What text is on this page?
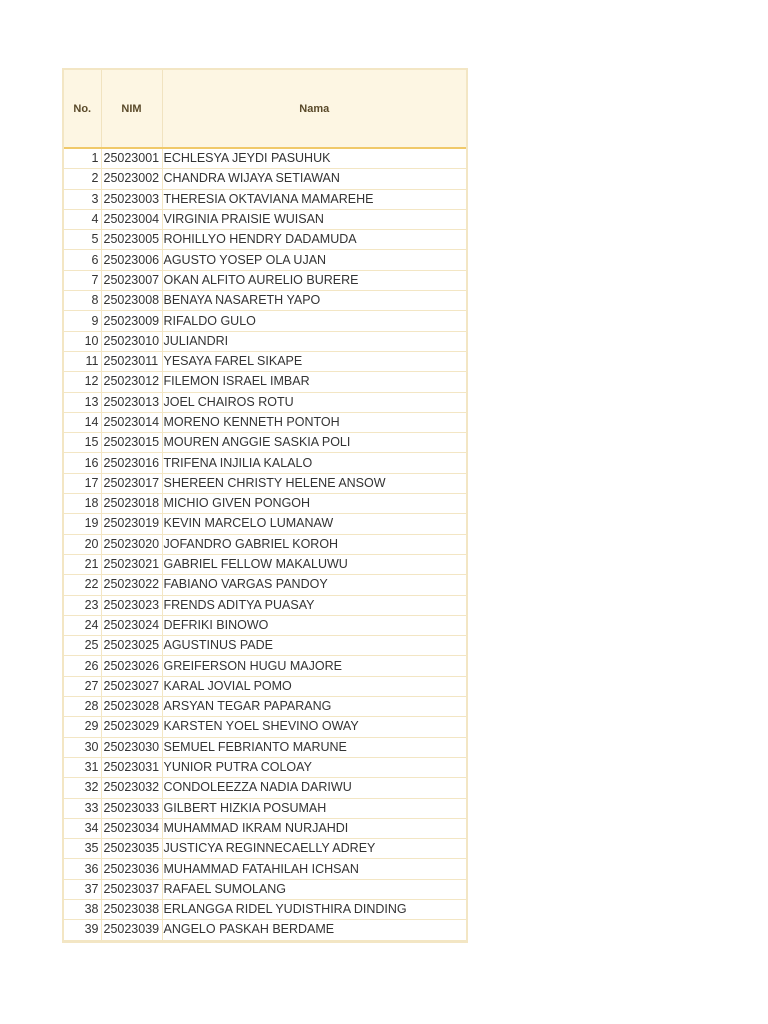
No.	NIM	Nama
1	25023001	ECHLESYA JEYDI PASUHUK
2	25023002	CHANDRA WIJAYA SETIAWAN
3	25023003	THERESIA OKTAVIANA MAMAREHE
4	25023004	VIRGINIA PRAISIE WUISAN
5	25023005	ROHILLYO HENDRY DADAMUDA
6	25023006	AGUSTO YOSEP OLA UJAN
7	25023007	OKAN ALFITO AURELIO BURERE
8	25023008	BENAYA NASARETH YAPO
9	25023009	RIFALDO GULO
10	25023010	JULIANDRI
11	25023011	YESAYA FAREL SIKAPE
12	25023012	FILEMON ISRAEL IMBAR
13	25023013	JOEL CHAIROS ROTU
14	25023014	MORENO KENNETH PONTOH
15	25023015	MOUREN ANGGIE SASKIA POLI
16	25023016	TRIFENA INJILIA KALALO
17	25023017	SHEREEN CHRISTY HELENE ANSOW
18	25023018	MICHIO GIVEN PONGOH
19	25023019	KEVIN MARCELO LUMANAW
20	25023020	JOFANDRO GABRIEL KOROH
21	25023021	GABRIEL FELLOW MAKALUWU
22	25023022	FABIANO VARGAS PANDOY
23	25023023	FRENDS ADITYA PUASAY
24	25023024	DEFRIKI BINOWO
25	25023025	AGUSTINUS PADE
26	25023026	GREIFERSON HUGU MAJORE
27	25023027	KARAL JOVIAL POMO
28	25023028	ARSYAN TEGAR PAPARANG
29	25023029	KARSTEN YOEL SHEVINO OWAY
30	25023030	SEMUEL FEBRIANTO MARUNE
31	25023031	YUNIOR PUTRA COLOAY
32	25023032	CONDOLEEZZA NADIA DARIWU
33	25023033	GILBERT HIZKIA POSUMAH
34	25023034	MUHAMMAD IKRAM NURJAHDI
35	25023035	JUSTICYA REGINNECAELLY ADREY
36	25023036	MUHAMMAD FATAHILAH ICHSAN
37	25023037	RAFAEL SUMOLANG
38	25023038	ERLANGGA RIDEL YUDISTHIRA DINDING
39	25023039	ANGELO PASKAH BERDAME
